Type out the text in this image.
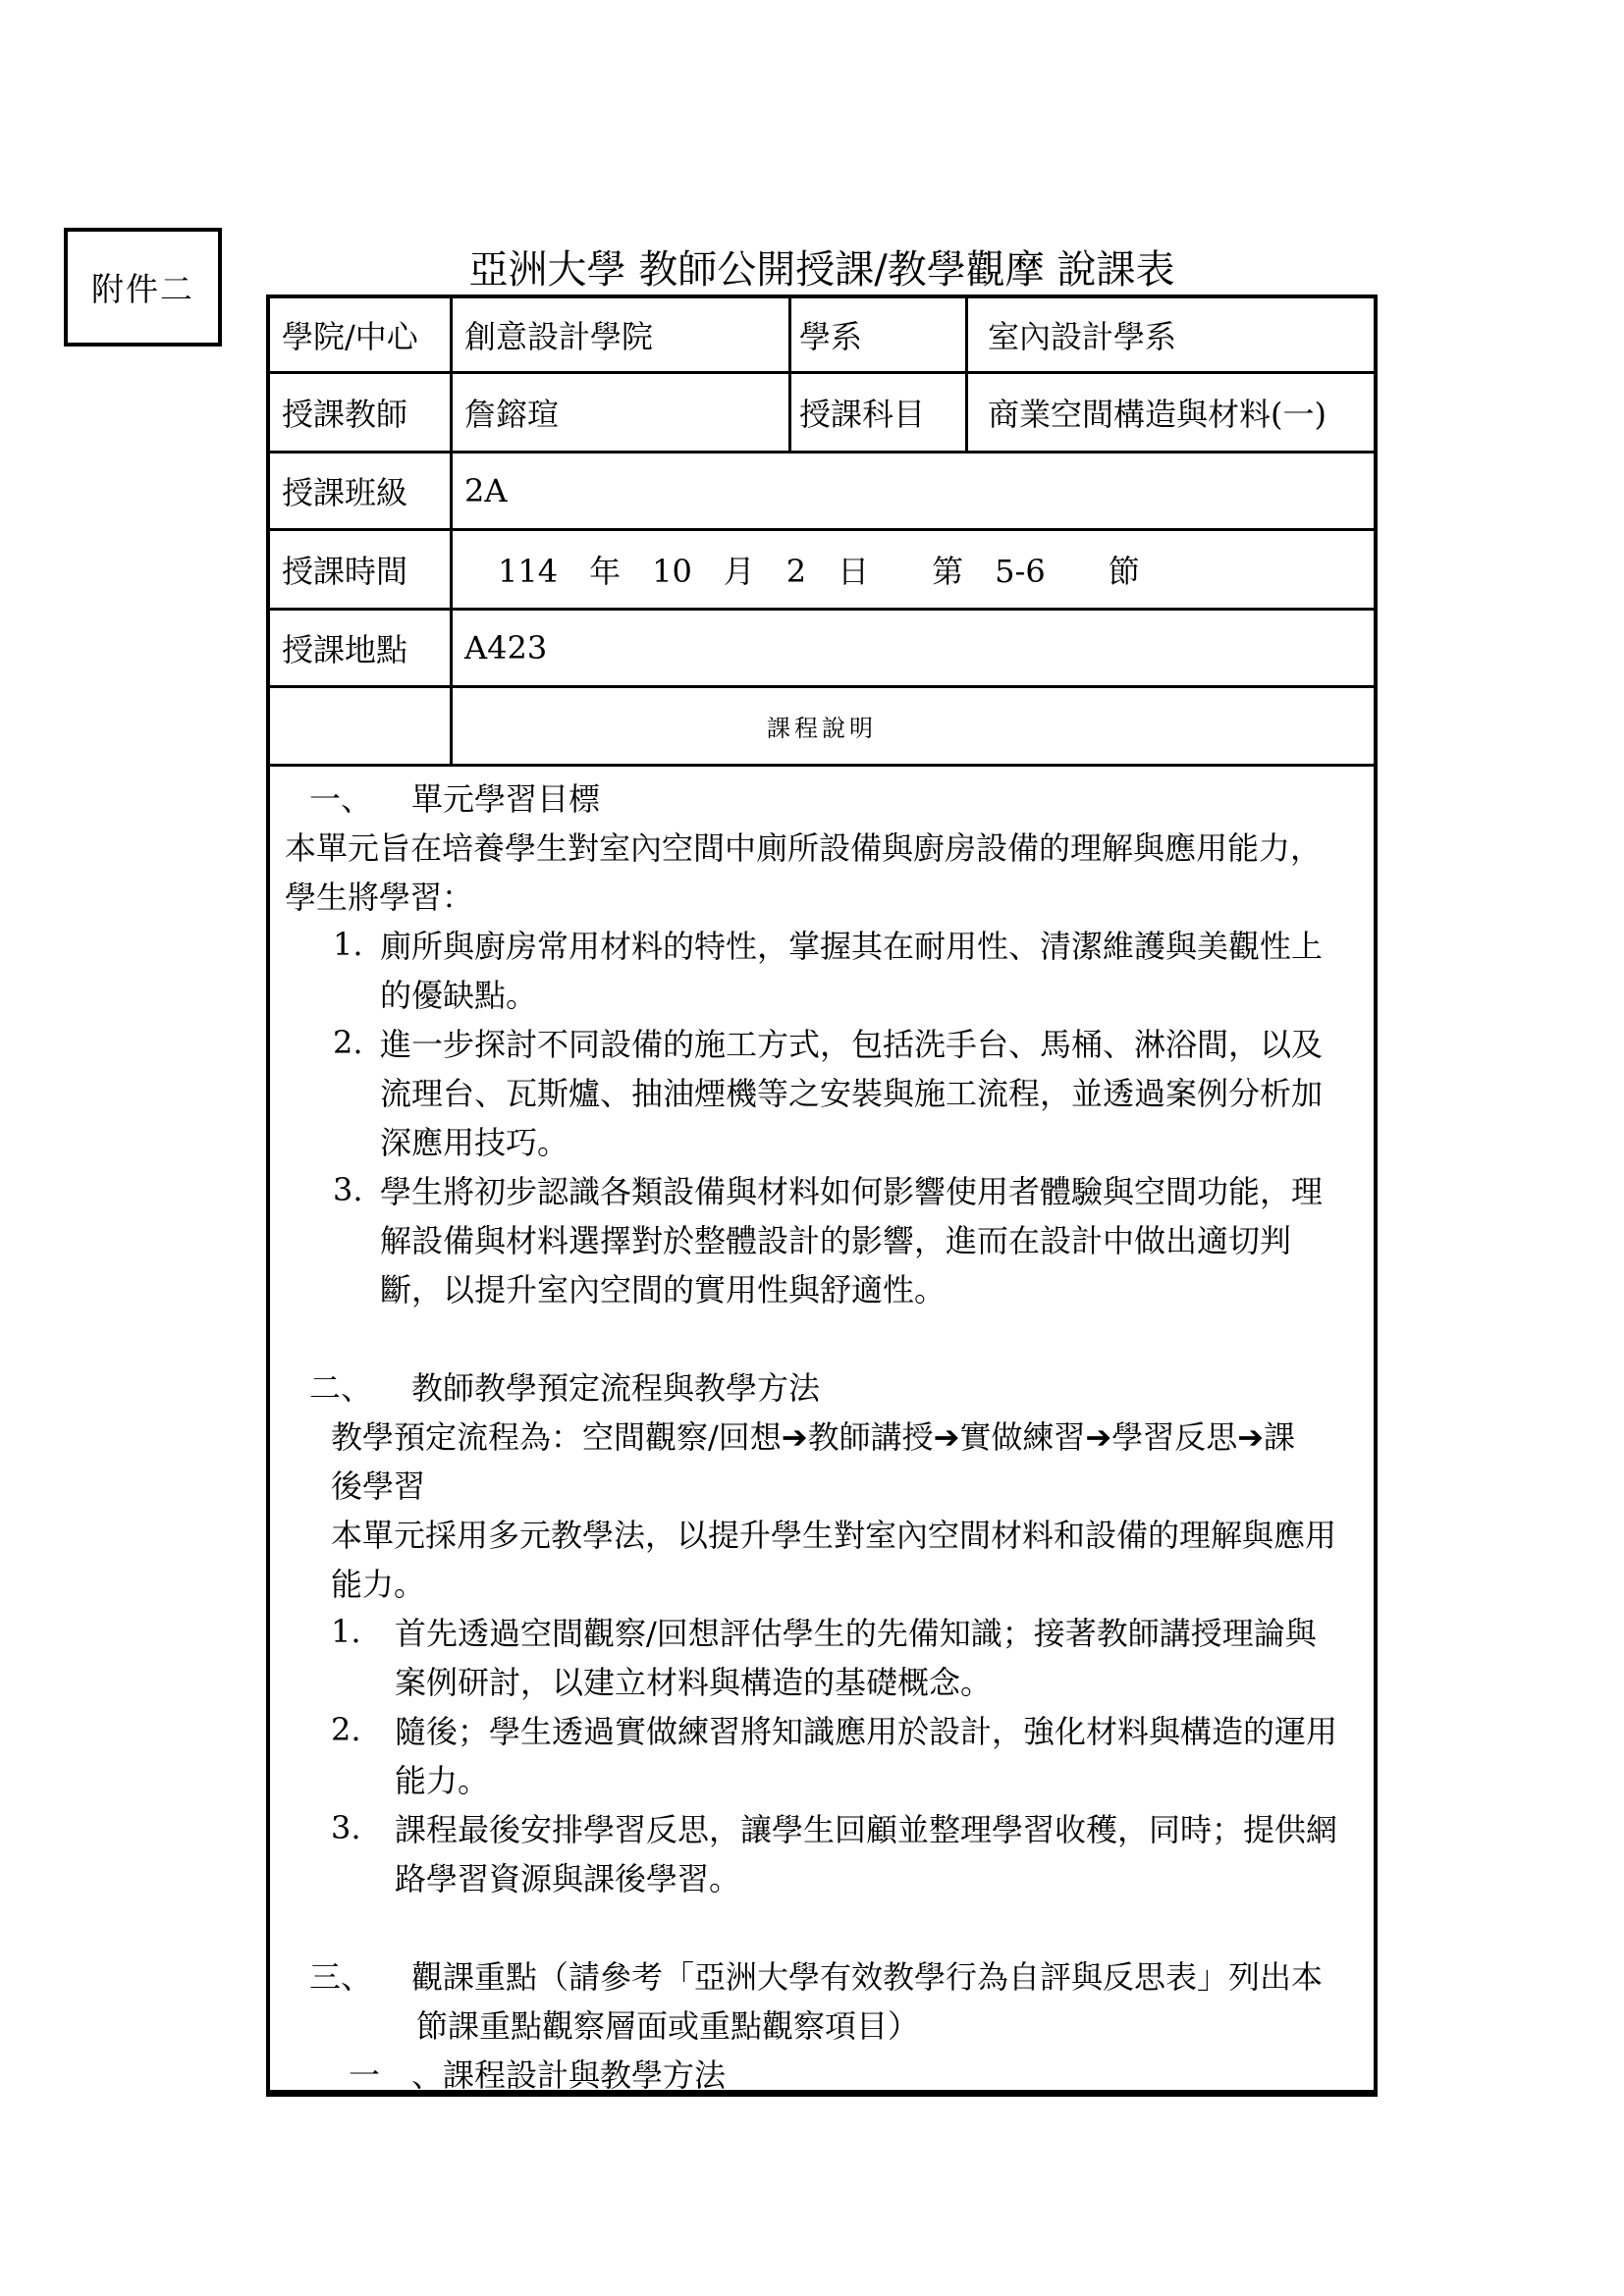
附件二	亞洲大學 教師公開授課/教學觀摩 說課表
學院/中心 創意設計學院	學系	室內設計學系
授課教師 詹鎔瑄	授課科目 商業空間構造與材料(一)
授課班級 2A
授課時間	114　年　10　月　2　日　　第　5-6　　節
授課地點 A423
課程說明
一、	單元學習目標
本單元旨在培養學生對室內空間中廁所設備與廚房設備的理解與應用能力，
學生將學習：
1. 廁所與廚房常用材料的特性，掌握其在耐用性、清潔維護與美觀性上
的優缺點。
2. 進一步探討不同設備的施工方式，包括洗手台、馬桶、淋浴間，以及
流理台、瓦斯爐、抽油煙機等之安裝與施工流程，並透過案例分析加
深應用技巧。
3. 學生將初步認識各類設備與材料如何影響使用者體驗與空間功能，理
解設備與材料選擇對於整體設計的影響，進而在設計中做出適切判
斷，以提升室內空間的實用性與舒適性。
二、	教師教學預定流程與教學方法
教學預定流程為：空間觀察/回想➔教師講授➔實做練習➔學習反思➔課
後學習
本單元採用多元教學法，以提升學生對室內空間材料和設備的理解與應用
能力。
1.	首先透過空間觀察/回想評估學生的先備知識；接著教師講授理論與
案例研討，以建立材料與構造的基礎概念。
2.	隨後；學生透過實做練習將知識應用於設計，強化材料與構造的運用
能力。
3.	課程最後安排學習反思，讓學生回顧並整理學習收穫，同時；提供網
路學習資源與課後學習。
三、	觀課重點（請參考「亞洲大學有效教學行為自評與反思表」列出本
節課重點觀察層面或重點觀察項目）
一　、課程設計與教學方法
